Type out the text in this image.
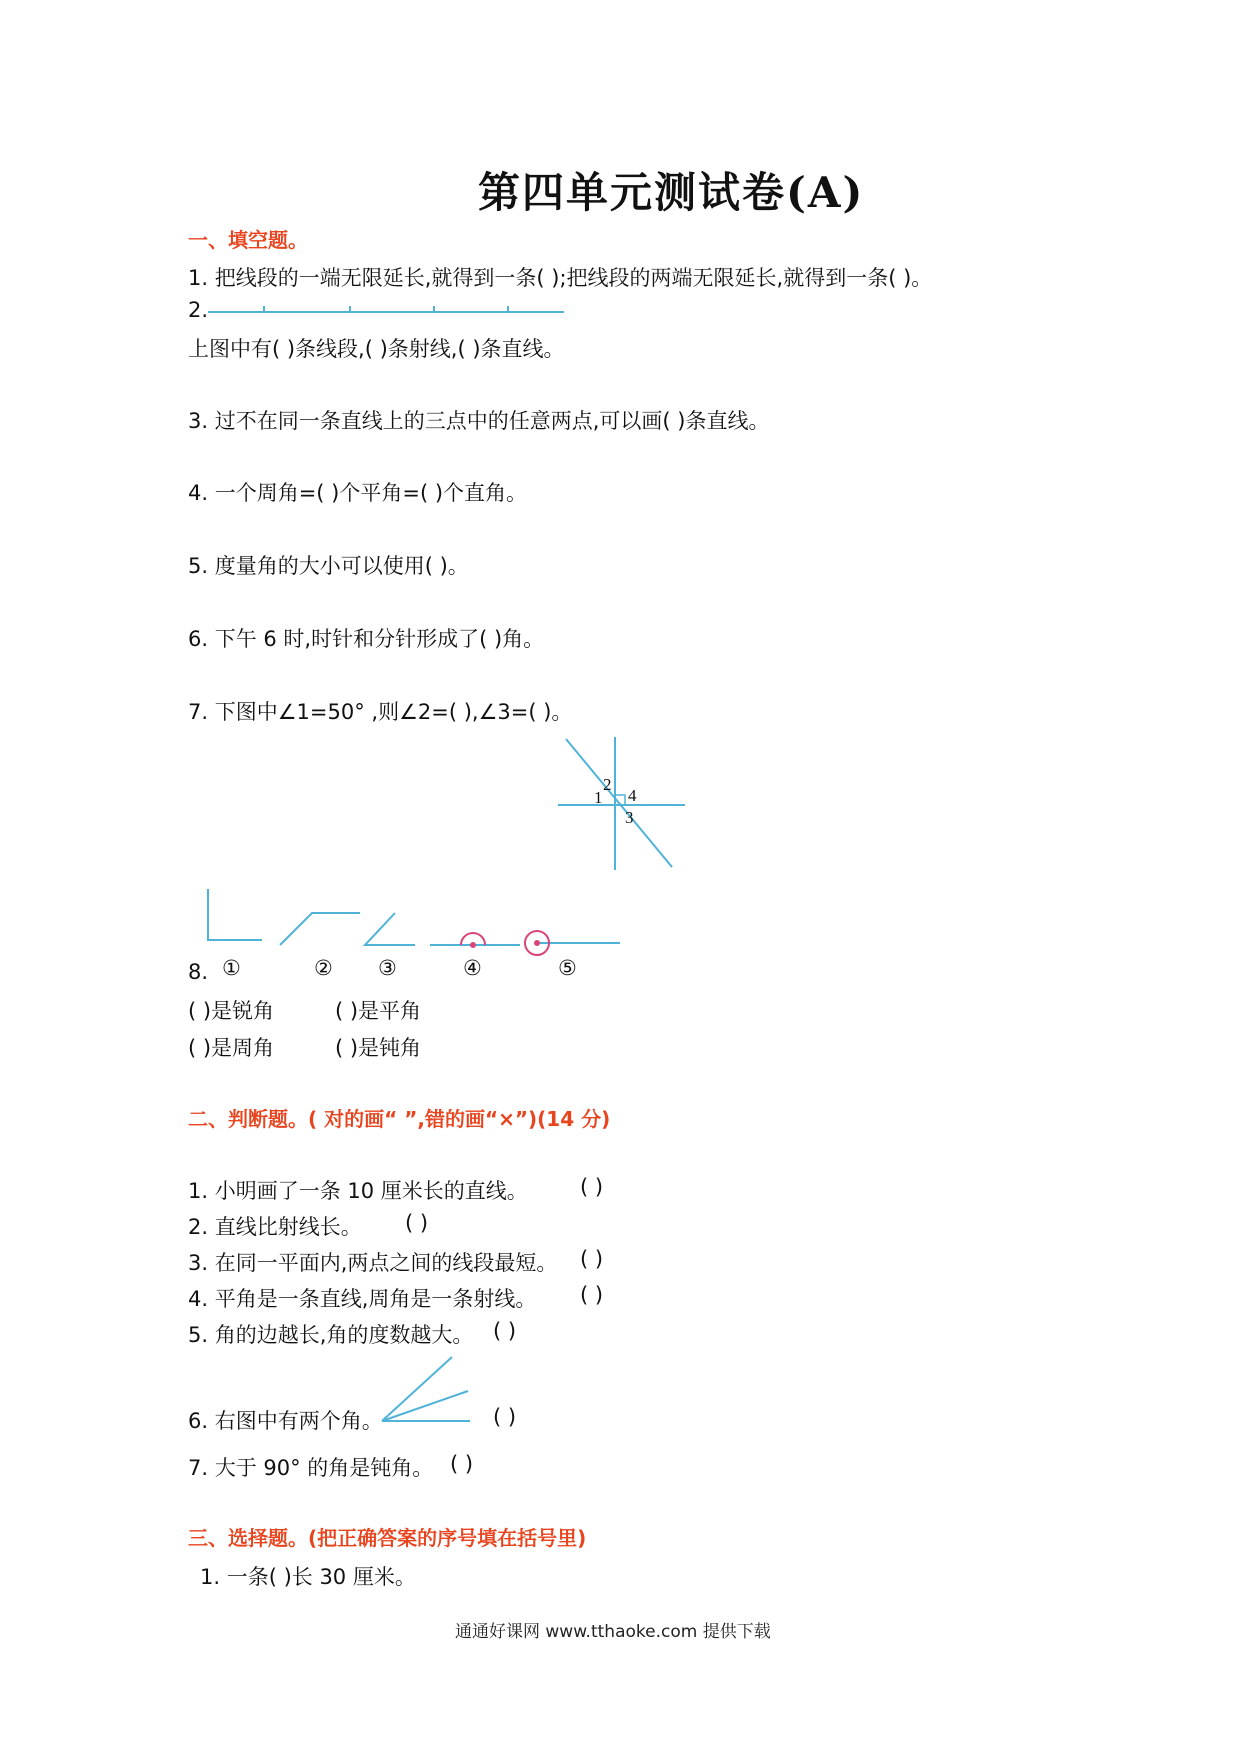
第四单元测试卷(A)
一、填空题。
1. 把线段的一端无限延长,就得到一条( );把线段的两端无限延长,就得到一条( )。
2.
上图中有( )条线段,( )条射线,( )条直线。
3. 过不在同一条直线上的三点中的任意两点,可以画( )条直线。
4. 一个周角=( )个平角=( )个直角。
5. 度量角的大小可以使用( )。
6. 下午 6 时,时针和分针形成了( )角。
7. 下图中∠1=50° ,则∠2=( ),∠3=( )。
1
2
3
4
8. ①	② ③	④	⑤
( )是锐角	( )是平角
( )是周角	( )是钝角
二、判断题。( 对的画“ ”,错的画“×”)(14 分)
1. 小明画了一条 10 厘米长的直线。 ( )
2. 直线比射线长。 ( )
3. 在同一平面内,两点之间的线段最短。 ( )
4. 平角是一条直线,周角是一条射线。 ( )
5. 角的边越长,角的度数越大。 ( )
6. 右图中有两个角。	( )
7. 大于 90° 的角是钝角。 ( )
三、选择题。(把正确答案的序号填在括号里)
1. 一条( )长 30 厘米。
通通好课网 www.tthaoke.com 提供下载
